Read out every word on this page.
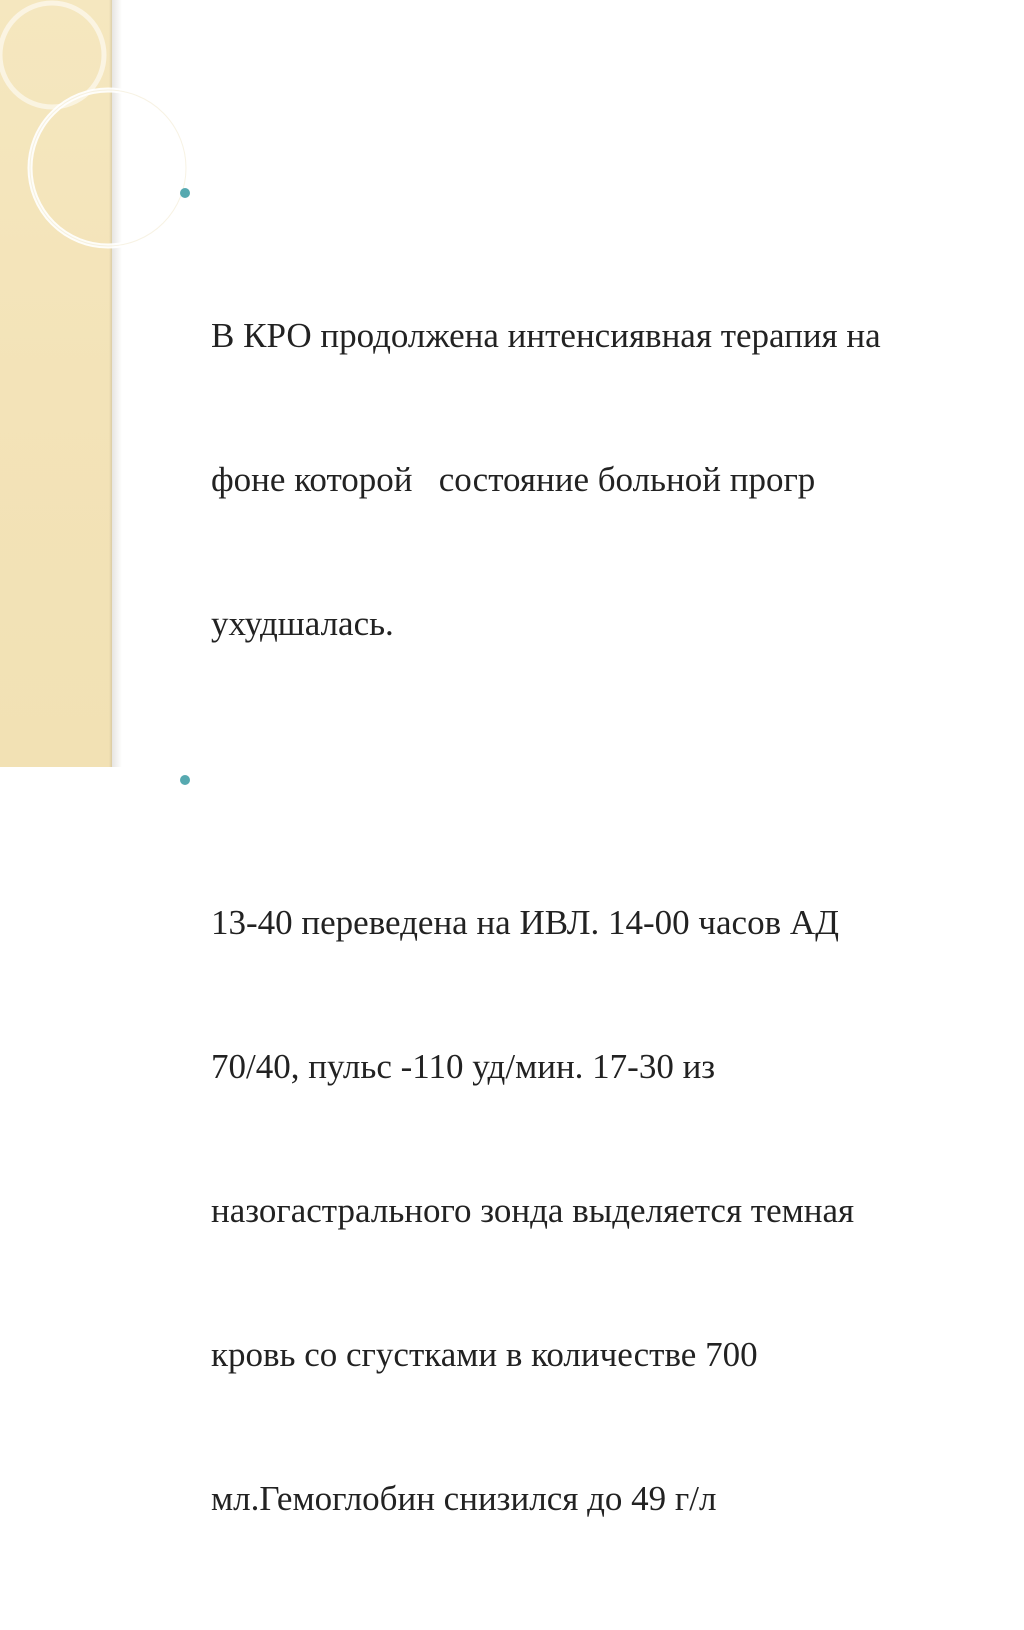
В КРО продолжена интенсиявная терапия на

фоне которой   состояние больной прогр

ухудшалась.

13-40 переведена на ИВЛ. 14-00 часов АД

70/40, пульс -110 уд/мин. 17-30 из

назогастрального зонда выделяется темная

кровь со сгустками в количестве 700

мл.Гемоглобин снизился до 49 г/л
